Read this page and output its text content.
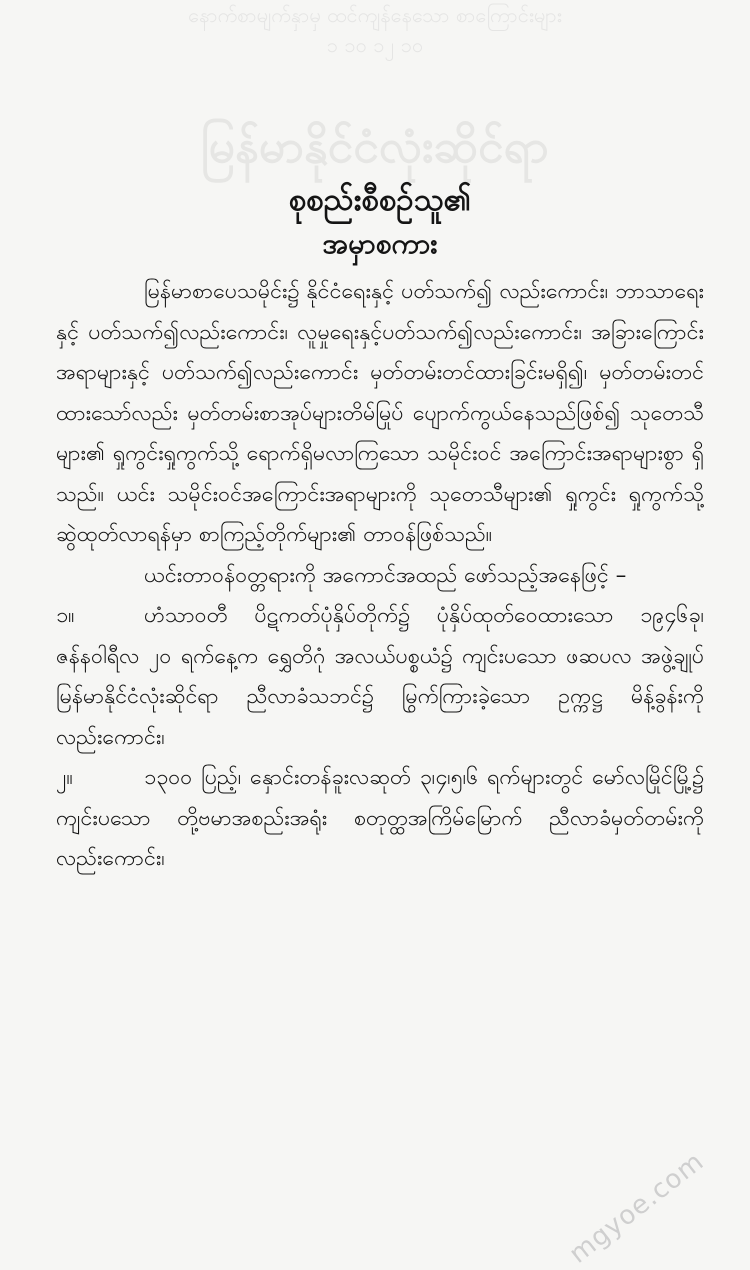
နောက်စာမျက်နှာမှ ထင်ကျန်နေသော စာကြောင်းများ
၁ ၁၀ ၁၂ ၁၀
မြန်မာနိုင်ငံလုံးဆိုင်ရာ
စုစည်းစီစဉ်သူ၏
အမှာစကား

မြန်မာစာပေသမိုင်း၌ နိုင်ငံရေးနှင့် ပတ်သက်၍ လည်းကောင်း၊ ဘာသာရေးနှင့် ပတ်သက်၍လည်းကောင်း၊ လူမှုရေးနှင့်ပတ်သက်၍လည်းကောင်း၊ အခြားကြောင်းအရာများနှင့် ပတ်သက်၍လည်းကောင်း မှတ်တမ်းတင်ထားခြင်းမရှိ၍၊ မှတ်တမ်းတင်ထားသော်လည်း မှတ်တမ်းစာအုပ်များတိမ်မြုပ် ပျောက်ကွယ်နေသည်ဖြစ်၍ သုတေသီများ၏ ရှုကွင်းရှုကွက်သို့ ရောက်ရှိမလာကြသော သမိုင်းဝင် အကြောင်းအရာများစွာ ရှိသည်။ ယင်း သမိုင်းဝင်အကြောင်းအရာများကို သုတေသီများ၏ ရှုကွင်း ရှုကွက်သို့ ဆွဲထုတ်လာရန်မှာ စာကြည့်တိုက်များ၏ တာဝန်ဖြစ်သည်။

ယင်းတာဝန်ဝတ္တရားကို အကောင်အထည် ဖော်သည့်အနေဖြင့် –

၁။	ဟံသာဝတီ ပိဋကတ်ပုံနှိပ်တိုက်၌ ပုံနှိပ်ထုတ်ဝေထားသော ၁၉၄၆ခု၊ ဇန်နဝါရီလ ၂၀ ရက်နေ့က ရွှေတိဂုံ အလယ်ပစ္စယံ၌ ကျင်းပသော ဖဆပလ အဖွဲ့ချုပ် မြန်မာနိုင်ငံလုံးဆိုင်ရာ ညီလာခံသဘင်၌ မြွက်ကြားခဲ့သော ဥက္ကဋ္ဌ မိန့်ခွန်းကိုလည်းကောင်း၊
၂။	၁၃၀၀ ပြည့်၊ နှောင်းတန်ခူးလဆုတ် ၃၊၄၊၅၊၆ ရက်များတွင် မော်လမြိုင်မြို့၌ ကျင်းပသော တို့ဗမာအစည်းအရုံး စတုတ္ထအကြိမ်မြောက် ညီလာခံမှတ်တမ်းကိုလည်းကောင်း၊
mgyoe.com
